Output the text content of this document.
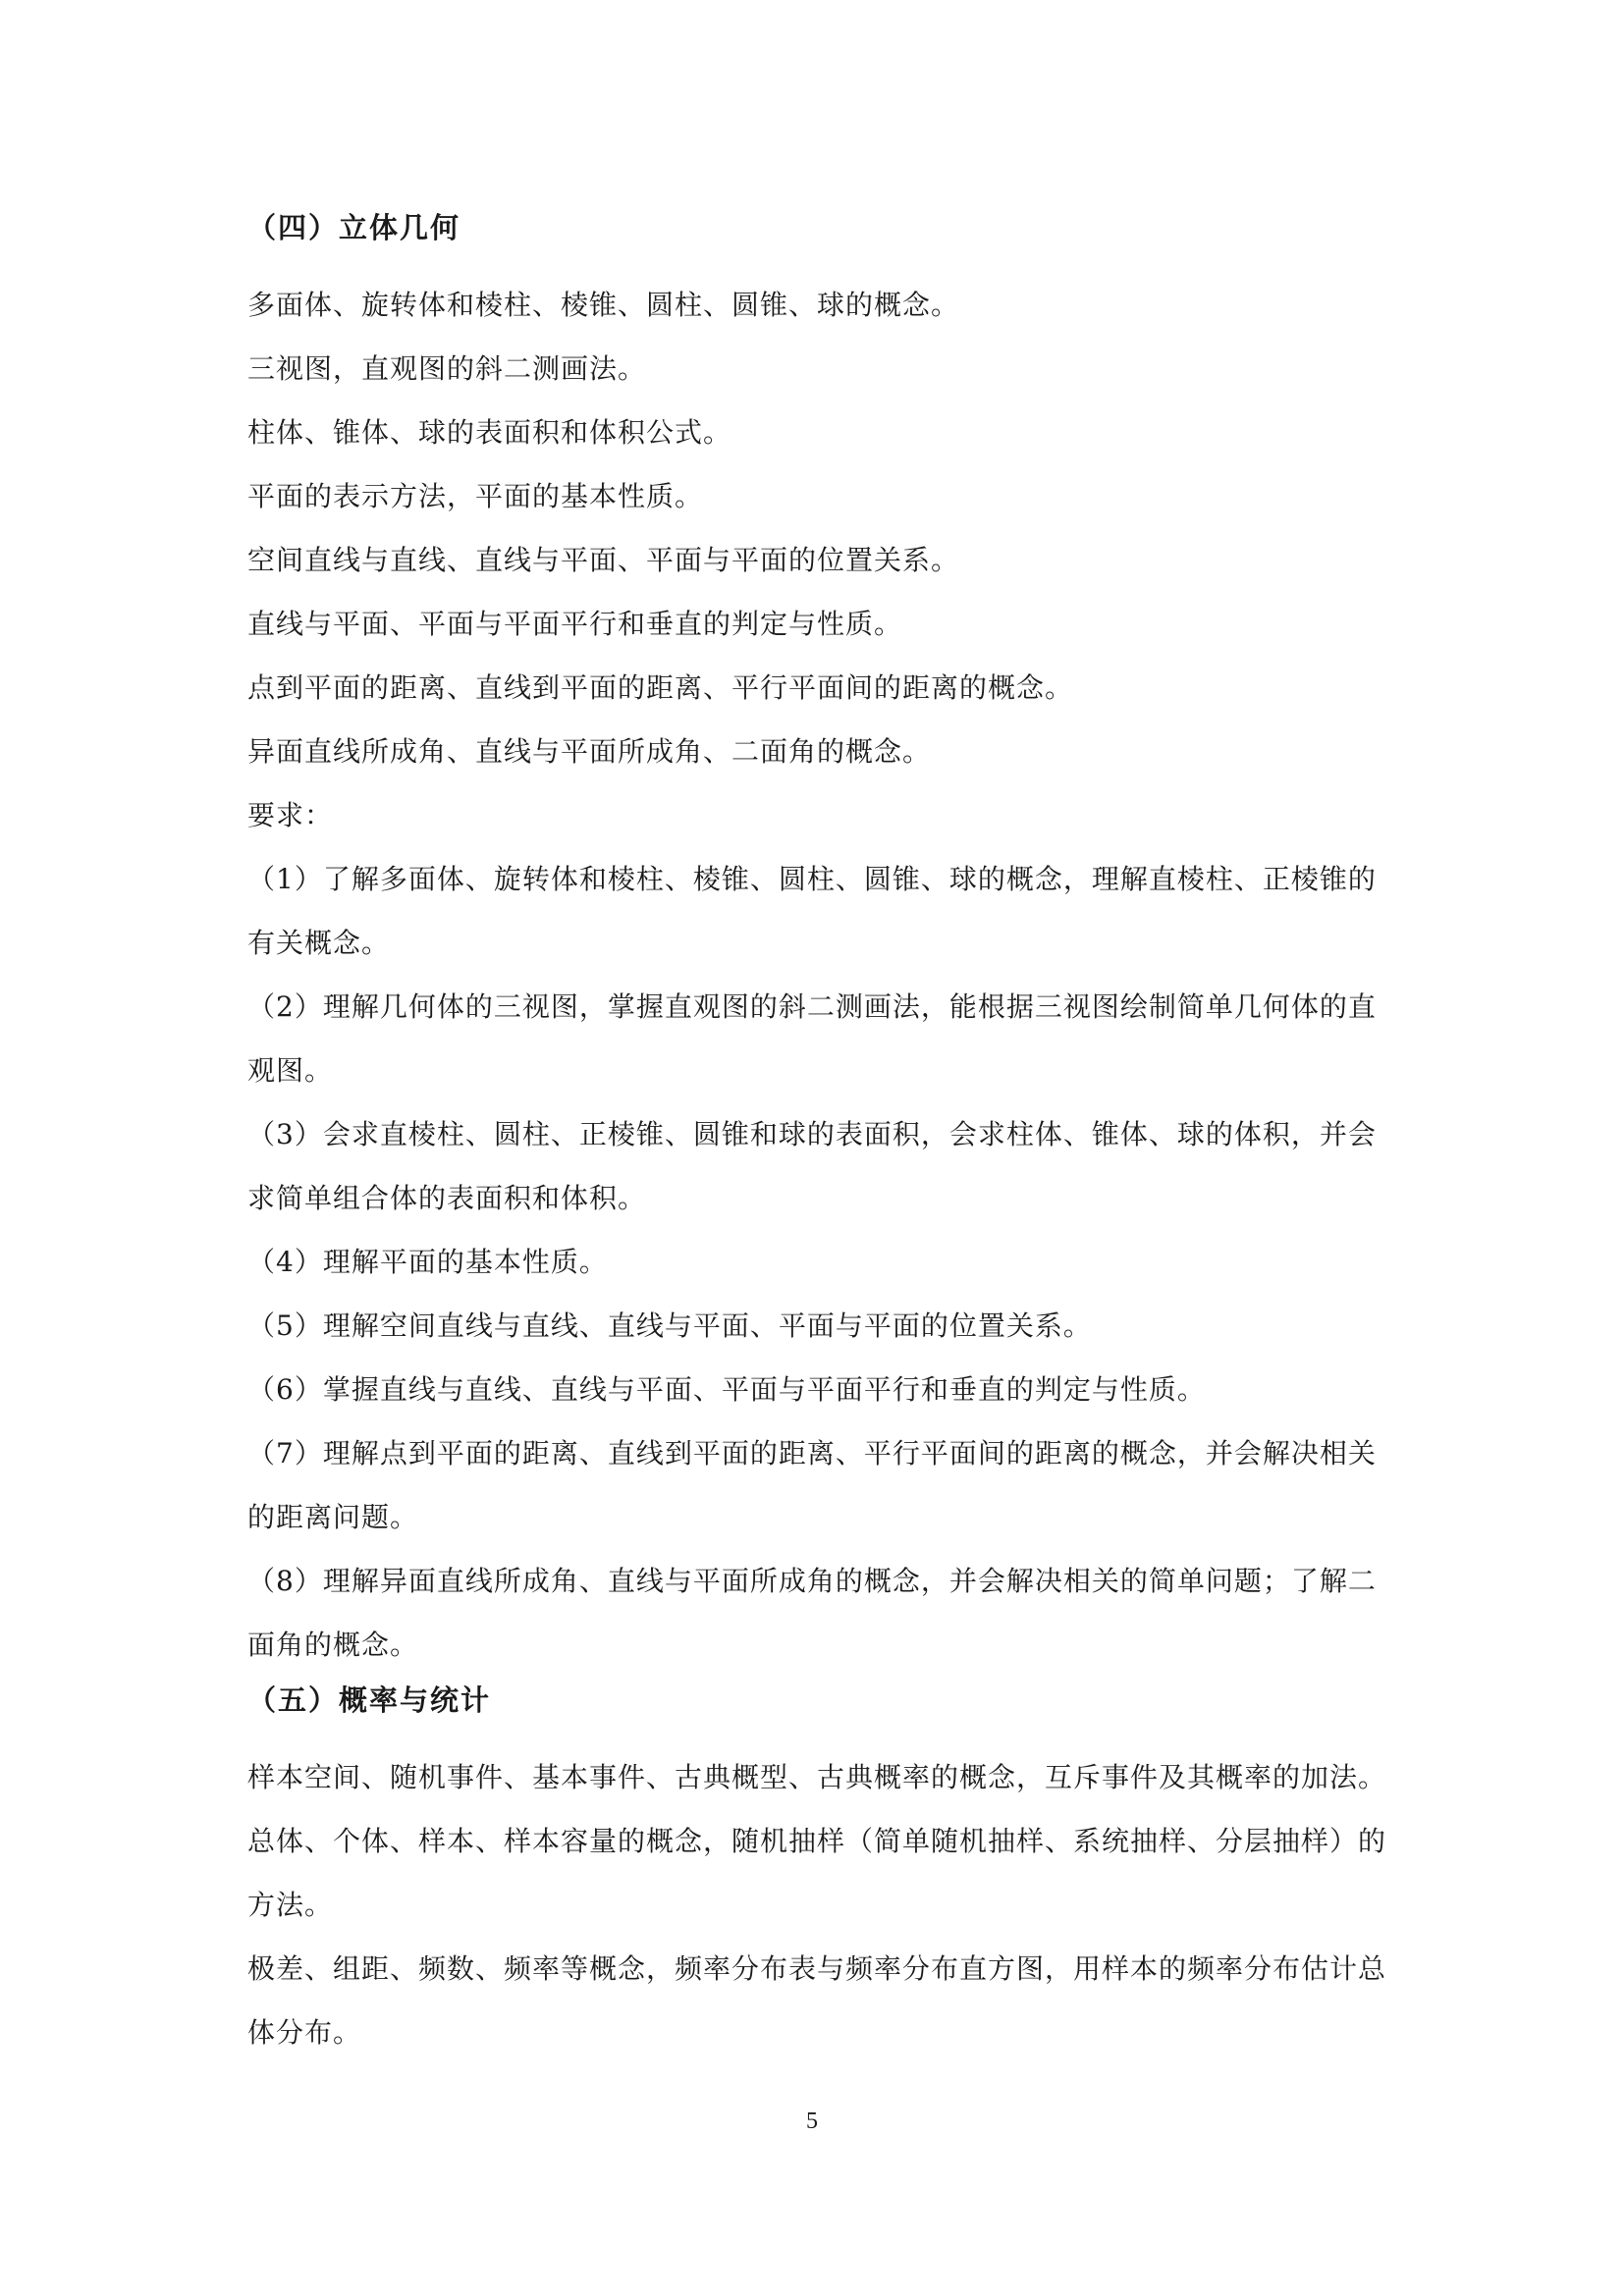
（四）立体几何

多面体、旋转体和棱柱、棱锥、圆柱、圆锥、球的概念。

三视图，直观图的斜二测画法。

柱体、锥体、球的表面积和体积公式。

平面的表示方法，平面的基本性质。

空间直线与直线、直线与平面、平面与平面的位置关系。

直线与平面、平面与平面平行和垂直的判定与性质。

点到平面的距离、直线到平面的距离、平行平面间的距离的概念。

异面直线所成角、直线与平面所成角、二面角的概念。

要求：

（1）了解多面体、旋转体和棱柱、棱锥、圆柱、圆锥、球的概念，理解直棱柱、正棱锥的有关概念。

（2）理解几何体的三视图，掌握直观图的斜二测画法，能根据三视图绘制简单几何体的直观图。

（3）会求直棱柱、圆柱、正棱锥、圆锥和球的表面积，会求柱体、锥体、球的体积，并会求简单组合体的表面积和体积。

（4）理解平面的基本性质。

（5）理解空间直线与直线、直线与平面、平面与平面的位置关系。

（6）掌握直线与直线、直线与平面、平面与平面平行和垂直的判定与性质。

（7）理解点到平面的距离、直线到平面的距离、平行平面间的距离的概念，并会解决相关的距离问题。

（8）理解异面直线所成角、直线与平面所成角的概念，并会解决相关的简单问题；了解二面角的概念。

（五）概率与统计

样本空间、随机事件、基本事件、古典概型、古典概率的概念，互斥事件及其概率的加法。

总体、个体、样本、样本容量的概念，随机抽样（简单随机抽样、系统抽样、分层抽样）的方法。

极差、组距、频数、频率等概念，频率分布表与频率分布直方图，用样本的频率分布估计总体分布。

5
